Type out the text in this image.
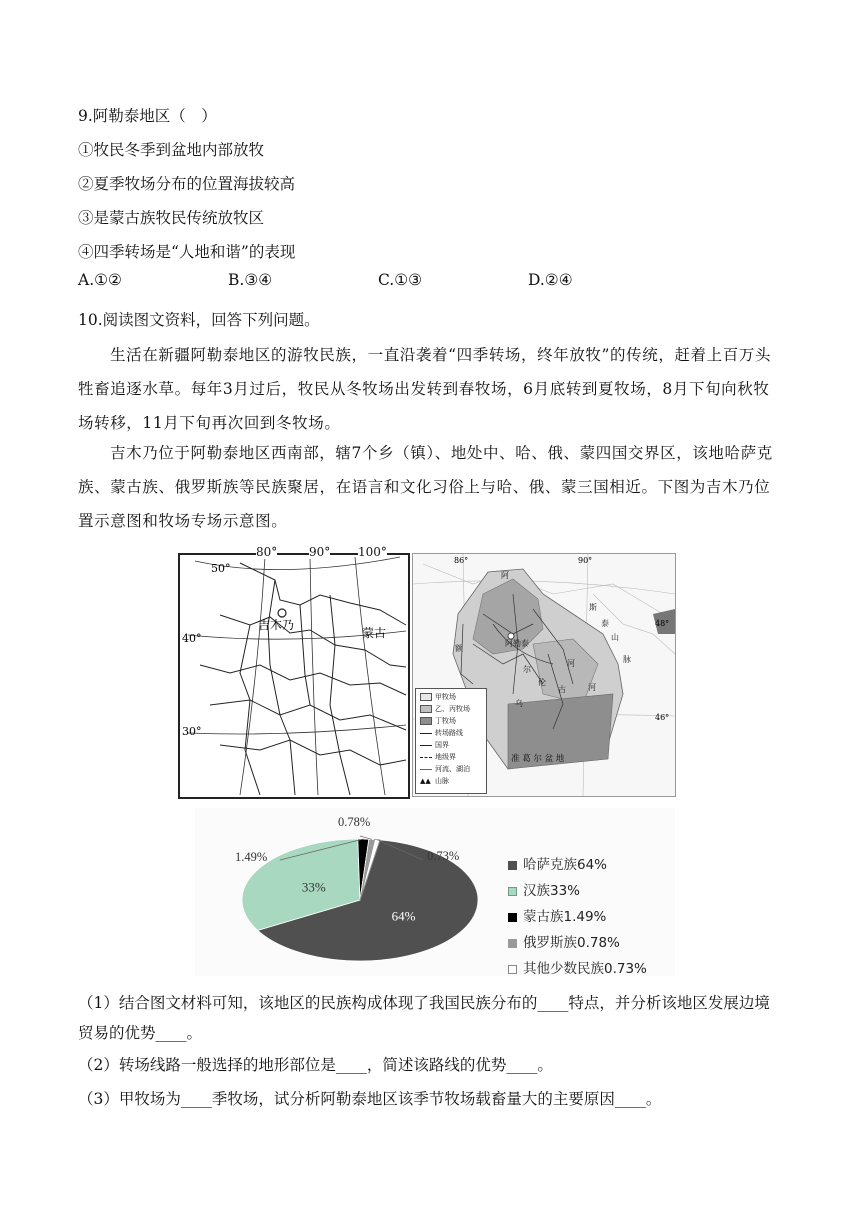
9.阿勒泰地区（　）
①牧民冬季到盆地内部放牧
②夏季牧场分布的位置海拔较高
③是蒙古族牧民传统放牧区
④四季转场是“人地和谐”的表现
A.①②	B.③④	C.①③	D.②④
10.阅读图文资料，回答下列问题。
生活在新疆阿勒泰地区的游牧民族，一直沿袭着“四季转场，终年放牧”的传统，赶着上百万头牲畜追逐水草。每年3月过后，牧民从冬牧场出发转到春牧场，6月底转到夏牧场，8月下旬向秋牧场转移，11月下旬再次回到冬牧场。
吉木乃位于阿勒泰地区西南部，辖7个乡（镇）、地处中、哈、俄、蒙四国交界区，该地哈萨克族、蒙古族、俄罗斯族等民族聚居，在语言和文化习俗上与哈、俄、蒙三国相近。下图为吉木乃位置示意图和牧场专场示意图。
吉木乃
蒙古
50°
40°
30°
80°	90° 100°
阿
阿勒泰
额
斯
泰
山
脉
河
古
伦
尔
河
乌
准 葛 尔 盆 地
86°	90°
48°
46°
甲牧场
乙、丙牧场
丁牧场
转场路线
国界
地级界
河流、湖泊
▲▲ 山脉
64%
33%
1.49%
0.78%
0.73%
哈萨克族64%
汉族33%
蒙古族1.49%
俄罗斯族0.78%
其他少数民族0.73%
（1）结合图文材料可知，该地区的民族构成体现了我国民族分布的____特点，并分析该地区发展边境贸易的优势____。
（2）转场线路一般选择的地形部位是____，简述该路线的优势____。
（3）甲牧场为____季牧场，试分析阿勒泰地区该季节牧场载畜量大的主要原因____。
